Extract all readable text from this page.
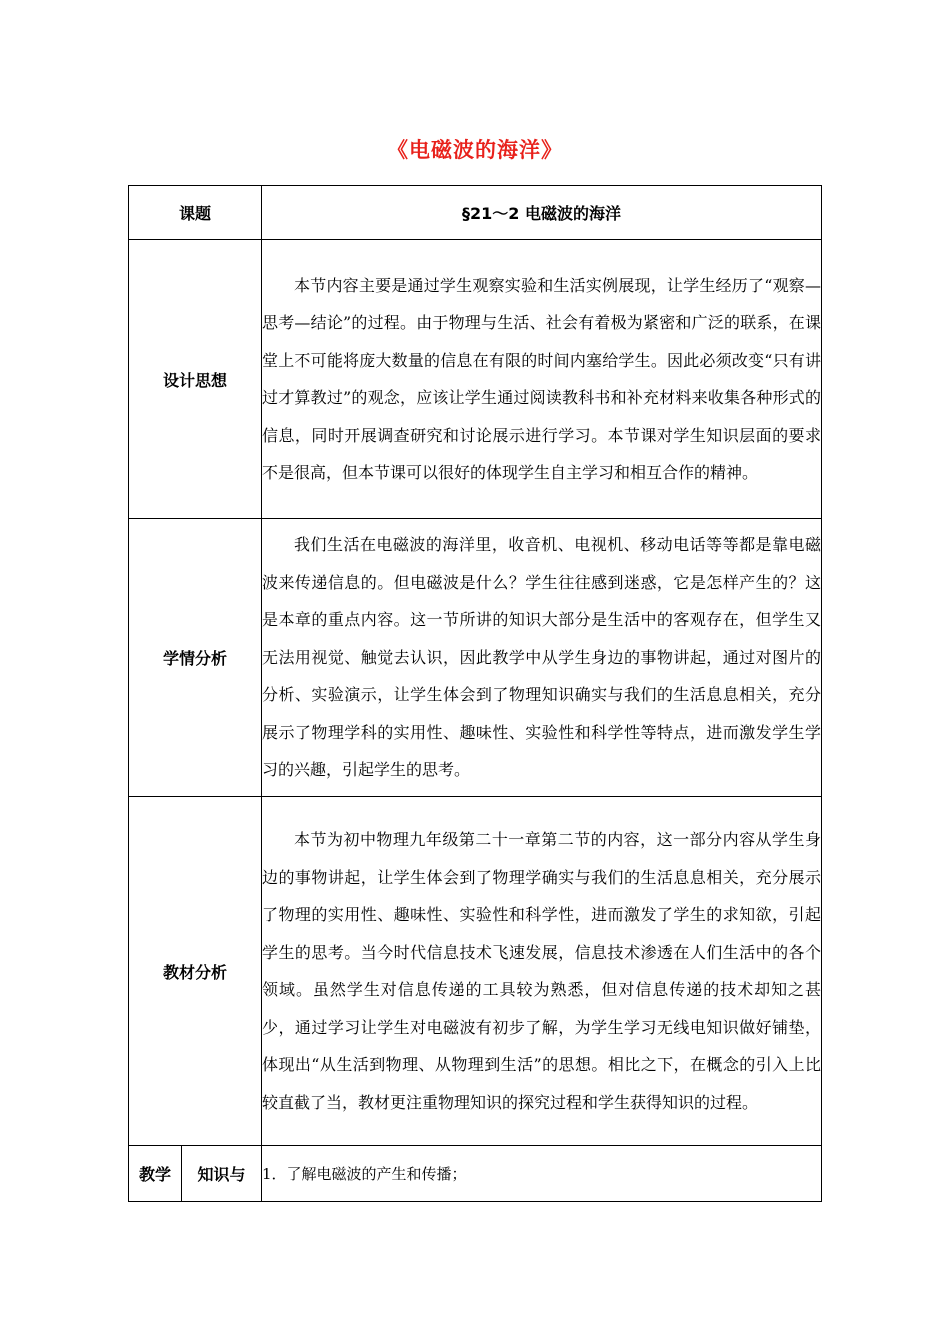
《电磁波的海洋》
课题		§21～2 电磁波的海洋
设计思想		本节内容主要是通过学生观察实验和生活实例展现，让学生经历了“观察—思考—结论”的过程。由于物理与生活、社会有着极为紧密和广泛的联系，在课堂上不可能将庞大数量的信息在有限的时间内塞给学生。因此必须改变“只有讲过才算教过”的观念，应该让学生通过阅读教科书和补充材料来收集各种形式的信息，同时开展调查研究和讨论展示进行学习。本节课对学生知识层面的要求不是很高，但本节课可以很好的体现学生自主学习和相互合作的精神。
学情分析		我们生活在电磁波的海洋里，收音机、电视机、移动电话等等都是靠电磁波来传递信息的。但电磁波是什么？学生往往感到迷惑，它是怎样产生的？这是本章的重点内容。这一节所讲的知识大部分是生活中的客观存在，但学生又无法用视觉、触觉去认识，因此教学中从学生身边的事物讲起，通过对图片的分析、实验演示，让学生体会到了物理知识确实与我们的生活息息相关，充分展示了物理学科的实用性、趣味性、实验性和科学性等特点，进而激发学生学习的兴趣，引起学生的思考。
教材分析		本节为初中物理九年级第二十一章第二节的内容，这一部分内容从学生身边的事物讲起，让学生体会到了物理学确实与我们的生活息息相关，充分展示了物理的实用性、趣味性、实验性和科学性，进而激发了学生的求知欲，引起学生的思考。当今时代信息技术飞速发展，信息技术渗透在人们生活中的各个领域。虽然学生对信息传递的工具较为熟悉，但对信息传递的技术却知之甚少，通过学习让学生对电磁波有初步了解，为学生学习无线电知识做好铺垫，体现出“从生活到物理、从物理到生活”的思想。相比之下，在概念的引入上比较直截了当，教材更注重物理知识的探究过程和学生获得知识的过程。
教学	知识与	1．了解电磁波的产生和传播；
